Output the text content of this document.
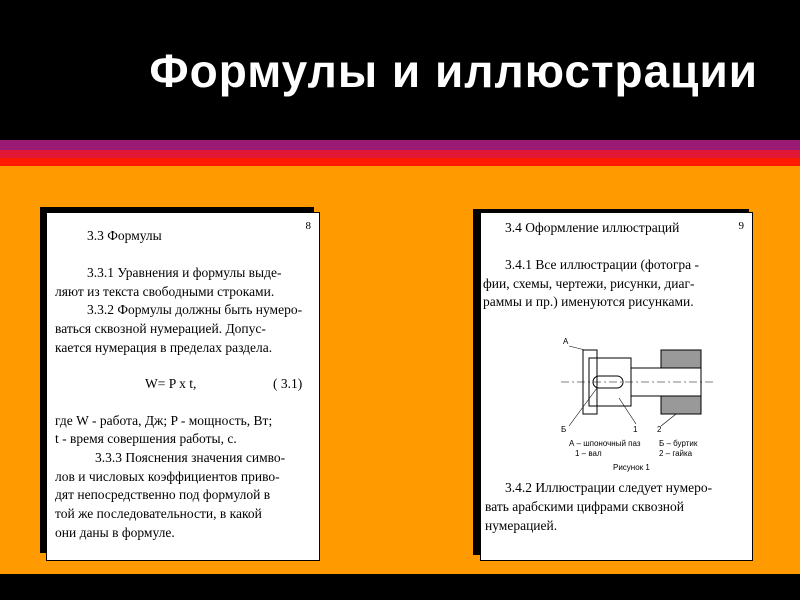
Формулы и иллюстрации
8
3.3 Формулы
3.3.1 Уравнения и формулы выде-
ляют из текста свободными строками.
3.3.2 Формулы должны быть нумеро-
ваться сквозной нумерацией. Допус-
кается нумерация в пределах раздела.
W= P x t,	( 3.1)
где W - работа, Дж; P - мощность, Вт;
t - время совершения работы, с.
3.3.3 Пояснения значения симво-
лов и числовых коэффициентов приво-
дят непосредственно под формулой в
той же последовательности, в какой
они даны в формуле.
9
3.4 Оформление иллюстраций
3.4.1 Все иллюстрации (фотогра -
фии, схемы, чертежи, рисунки, диаг-
раммы и пр.) именуются рисунками.
А
Б	1 2
А – шпоночный паз Б – буртик
1 – вал	2 – гайка
Рисунок 1
3.4.2 Иллюстрации следует нумеро-
вать арабскими цифрами сквозной
нумерацией.
